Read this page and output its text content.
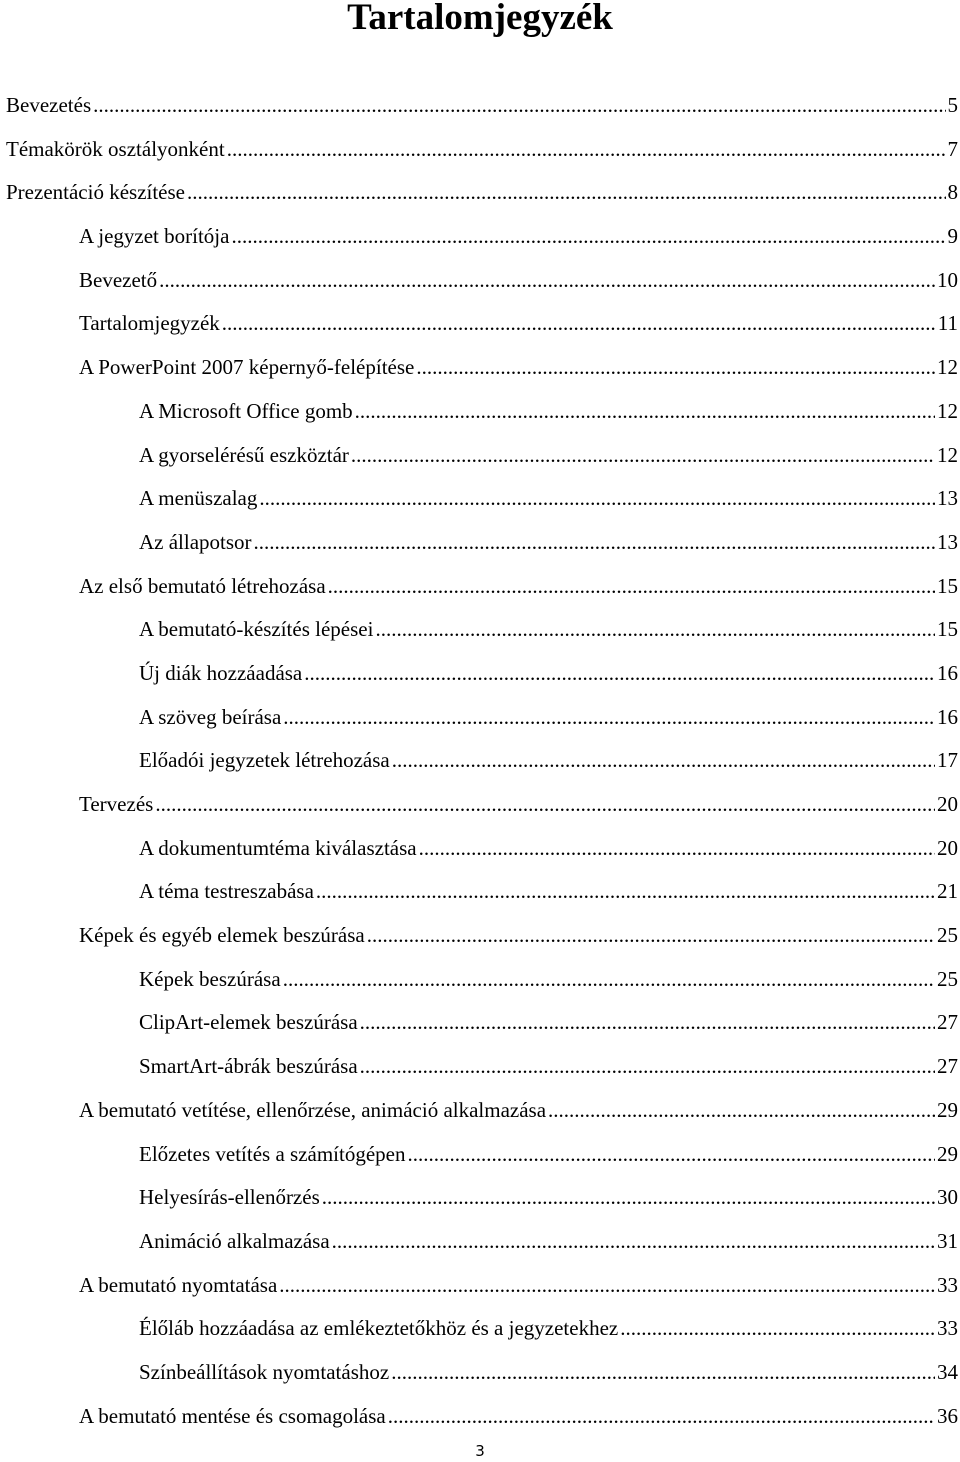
Tartalomjegyzék
Bevezetés .....	5
Témakörök osztályonként .....	7
Prezentáció készítése .....	8
A jegyzet borítója .....	9
Bevezető .....	10
Tartalomjegyzék .....	11
A PowerPoint 2007 képernyő-felépítése .....	12
A Microsoft Office gomb .....	12
A gyorselérésű eszköztár .....	12
A menüszalag .....	13
Az állapotsor .....	13
Az első bemutató létrehozása .....	15
A bemutató-készítés lépései .....	15
Új diák hozzáadása .....	16
A szöveg beírása .....	16
Előadói jegyzetek létrehozása .....	17
Tervezés .....	20
A dokumentumtéma kiválasztása .....	20
A téma testreszabása .....	21
Képek és egyéb elemek beszúrása .....	25
Képek beszúrása .....	25
ClipArt-elemek beszúrása .....	27
SmartArt-ábrák beszúrása .....	27
A bemutató vetítése, ellenőrzése, animáció alkalmazása .....	29
Előzetes vetítés a számítógépen .....	29
Helyesírás-ellenőrzés .....	30
Animáció alkalmazása .....	31
A bemutató nyomtatása .....	33
Élőláb hozzáadása az emlékeztetőkhöz és a jegyzetekhez .....	33
Színbeállítások nyomtatáshoz .....	34
A bemutató mentése és csomagolása .....	36
3
